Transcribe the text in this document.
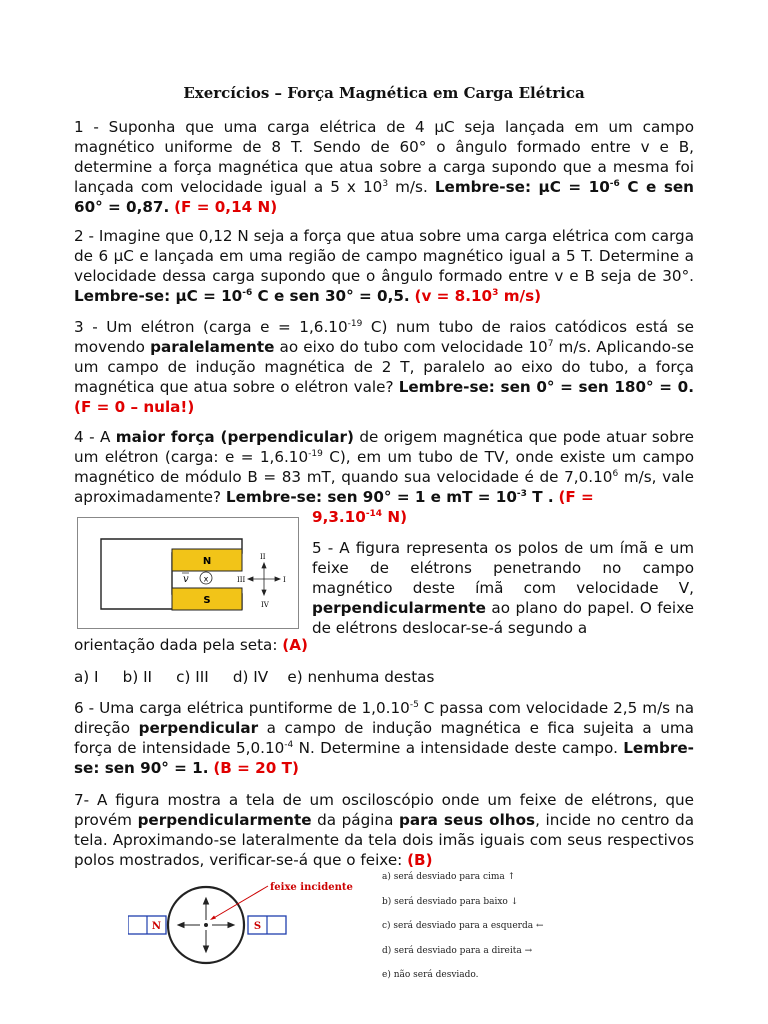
Exercícios – Força Magnética em Carga Elétrica
1 - Suponha que uma carga elétrica de 4 μC seja lançada em um campo magnético uniforme de 8 T. Sendo de 60° o ângulo formado entre v e B, determine a força magnética que atua sobre a carga supondo que a mesma foi lançada com velocidade igual a 5 x $10^3$ m/s. Lembre-se: $\mu C = 10^{-6}$ C e sen 60° = 0,87. (F = 0,14 N)
2 - Imagine que 0,12 N seja a força que atua sobre uma carga elétrica com carga de 6 μC e lançada em uma região de campo magnético igual a 5 T. Determine a velocidade dessa carga supondo que o ângulo formado entre v e B seja de 30°. Lembre-se: $\mu C = 10^{-6}$ C e sen 30° = 0,5. ($v = 8.10^3$ m/s)
3 - Um elétron (carga $e = 1,6.10^{-19}$ C) num tubo de raios catódicos está se movendo paralelamente ao eixo do tubo com velocidade $10^7$ m/s. Aplicando-se um campo de indução magnética de 2 T, paralelo ao eixo do tubo, a força magnética que atua sobre o elétron vale? Lembre-se: sen 0° = sen 180° = 0. (F = 0 – nula!)
4 - A maior força (perpendicular) de origem magnética que pode atuar sobre um elétron (carga: $e = 1,6.10^{-19}$ C), em um tubo de TV, onde existe um campo magnético de módulo B = 83 mT, quando sua velocidade é de 7,0.10$^6$ m/s, vale aproximadamente? Lembre-se: sen 90° = 1 e mT = $10^{-3}$ T . (F =
$9,3.10^{-14}$ N)
N
S
v x
II
IV
III	I
5 - A figura representa os polos de um ímã e um feixe de elétrons penetrando no campo magnético deste ímã com velocidade V, perpendicularmente ao plano do papel. O feixe de elétrons deslocar-se-á segundo a
orientação dada pela seta: (A)
a) I     b) II     c) III     d) IV    e) nenhuma destas
6 - Uma carga elétrica puntiforme de $1,0.10^{-5}$ C passa com velocidade 2,5 m/s na direção perpendicular a campo de indução magnética e fica sujeita a uma força de intensidade $5,0.10^{-4}$ N. Determine a intensidade deste campo. Lembre-se: sen 90° = 1. (B = 20 T)
7- A figura mostra a tela de um osciloscópio onde um feixe de elétrons, que provém perpendicularmente da página para seus olhos, incide no centro da tela. Aproximando-se lateralmente da tela dois imãs iguais com seus respectivos polos mostrados, verificar-se-á que o feixe: (B)
N	S
feixe incidente
a) será desviado para cima ↑
b) será desviado para baixo ↓
c) será desviado para a esquerda ←
d) será desviado para a direita →
e) não será desviado.
